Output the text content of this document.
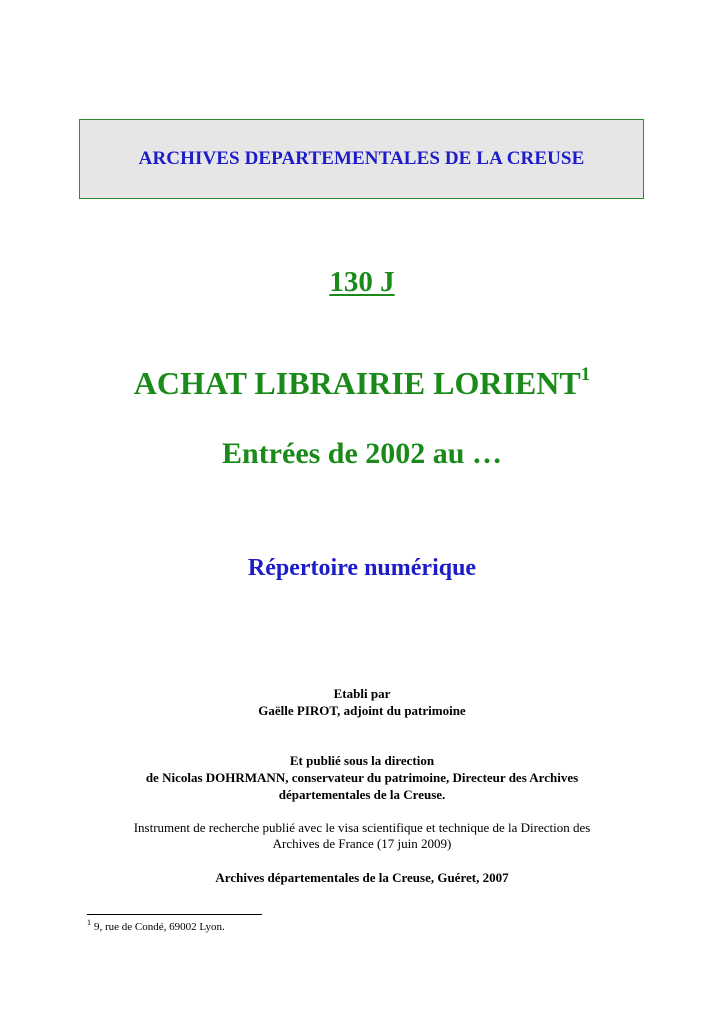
ARCHIVES DEPARTEMENTALES DE LA CREUSE
130 J
ACHAT LIBRAIRIE LORIENT$^1$
Entrées de 2002 au …
Répertoire numérique
Etabli par
Gaëlle PIROT, adjoint du patrimoine
Et publié sous la direction
de Nicolas DOHRMANN, conservateur du patrimoine, Directeur des Archives
départementales de la Creuse.
Instrument de recherche publié avec le visa scientifique et technique de la Direction des
Archives de France (17 juin 2009)
Archives départementales de la Creuse, Guéret, 2007
$^1$ 9, rue de Condé, 69002 Lyon.
